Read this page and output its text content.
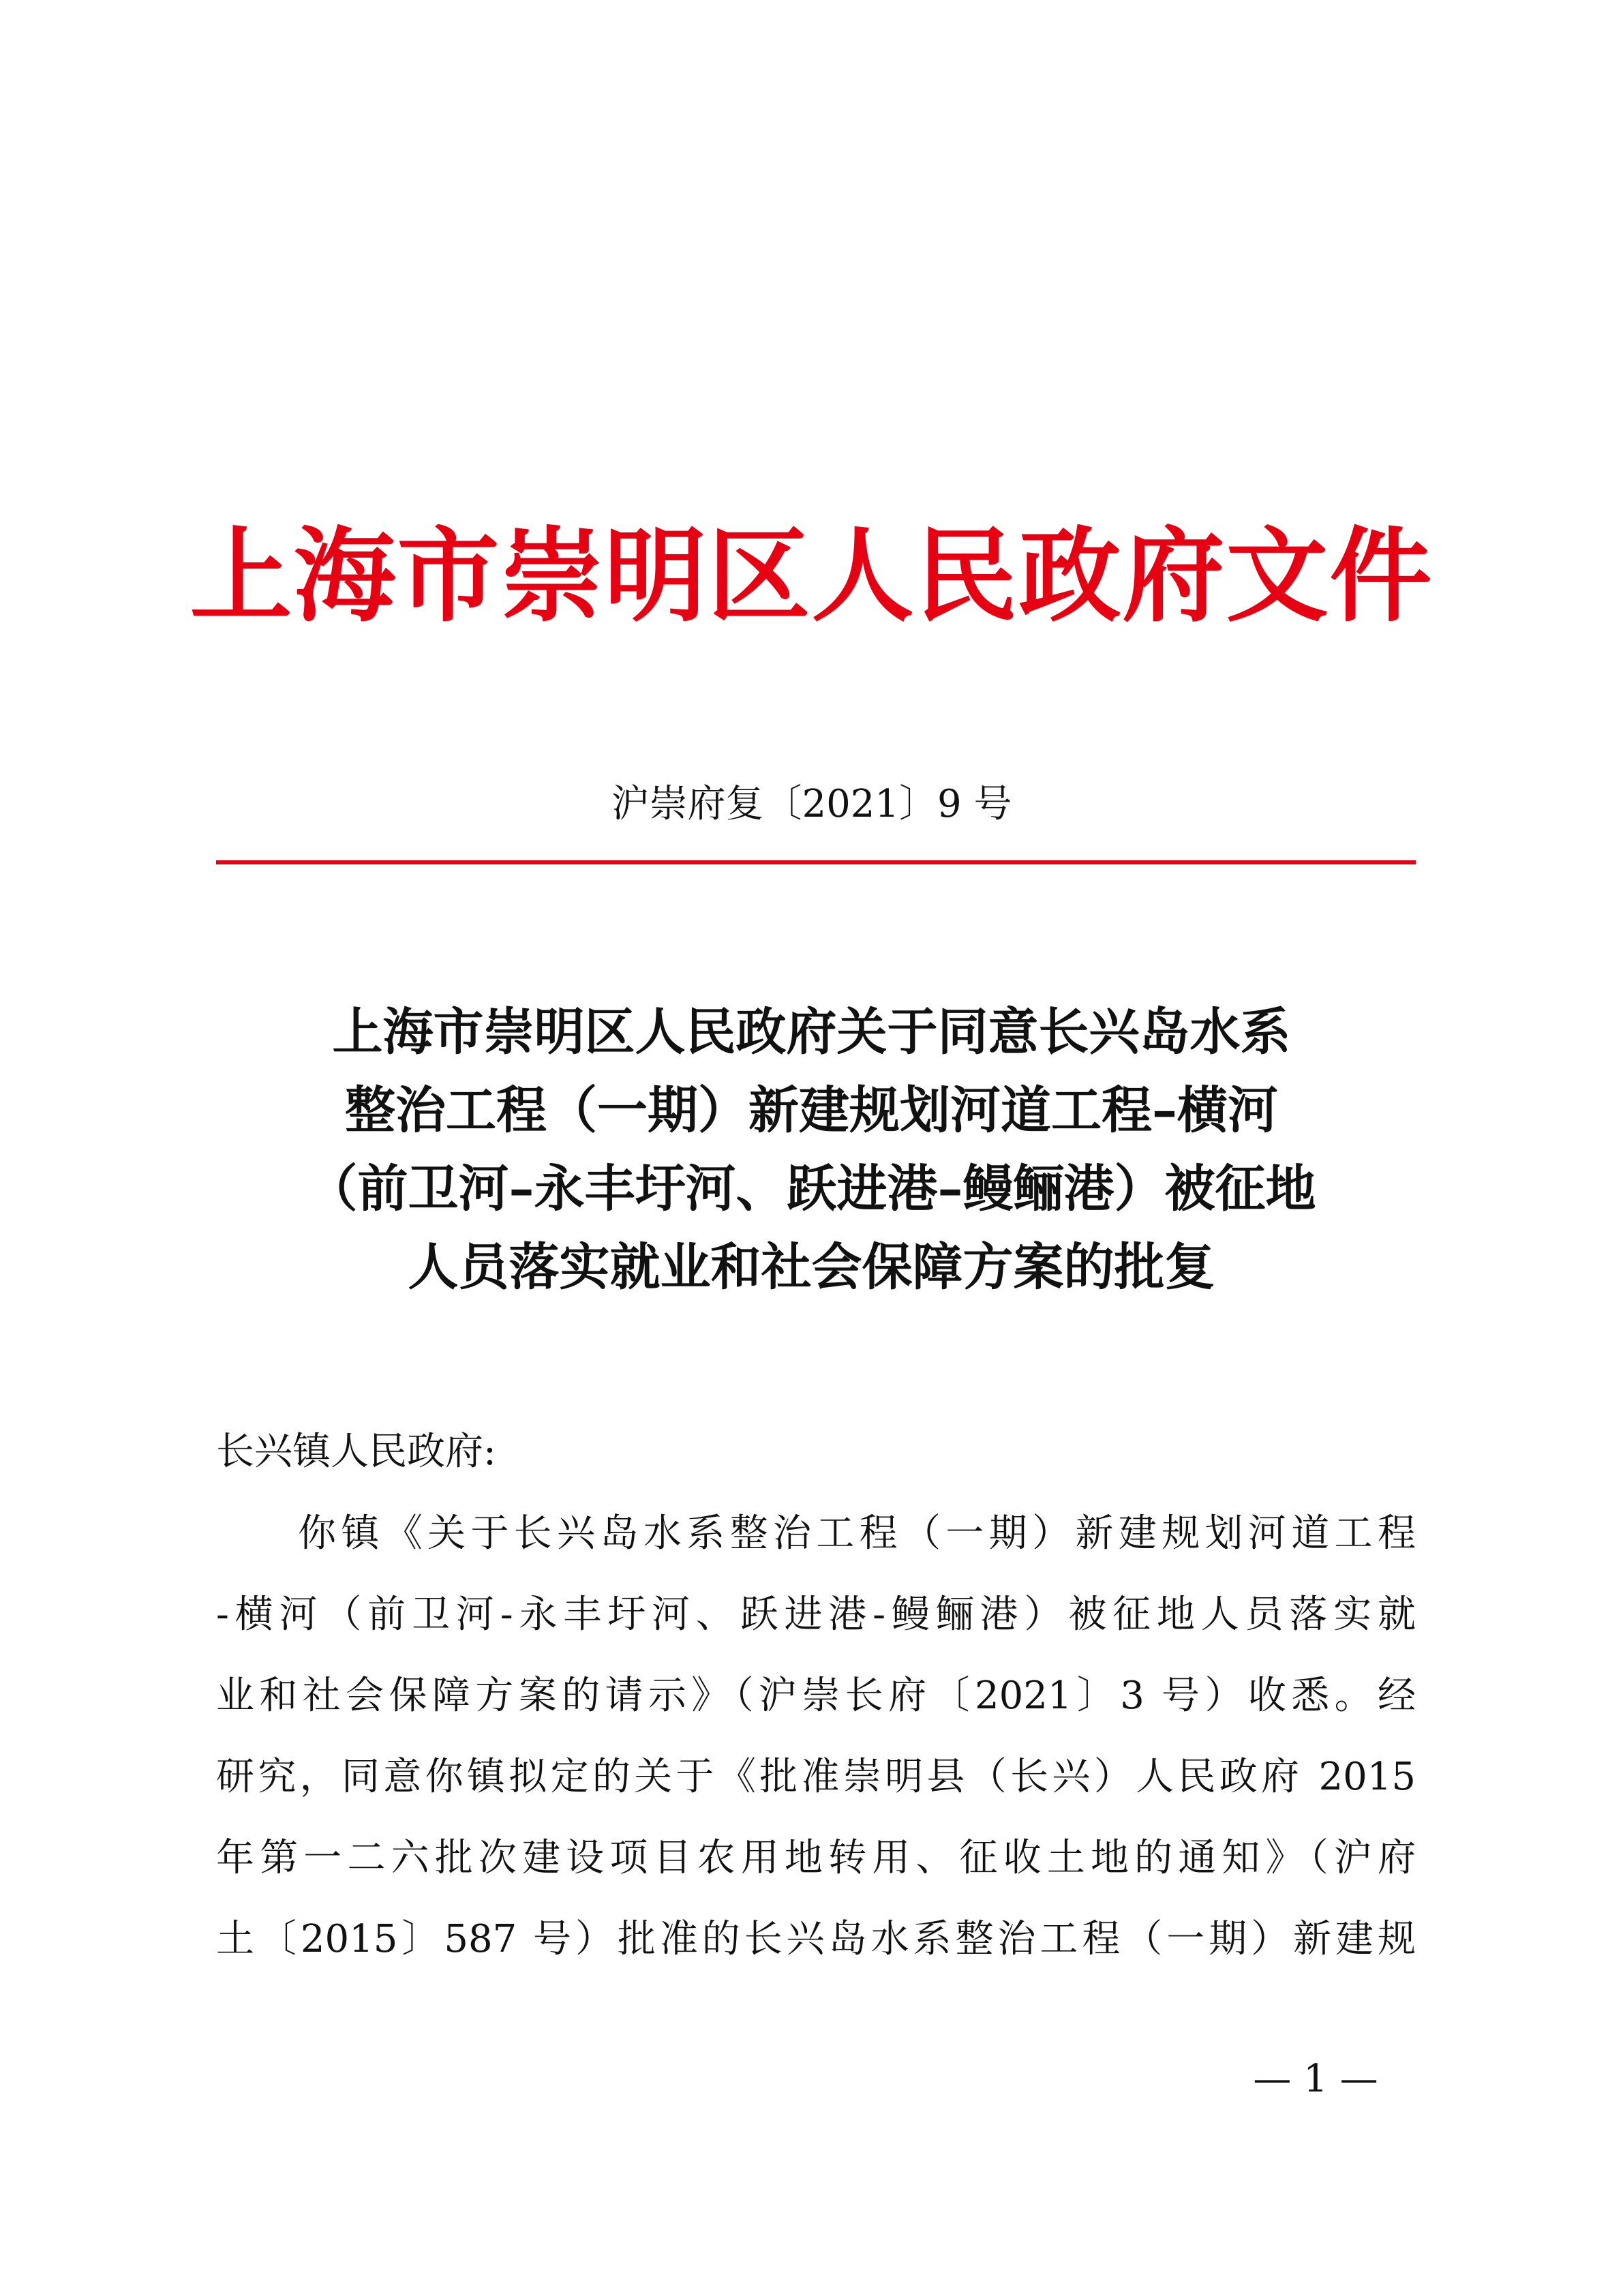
上海市崇明区人民政府文件
沪崇府复〔2021〕9 号
上海市崇明区人民政府关于同意长兴岛水系
整治工程（一期）新建规划河道工程–横河
（前卫河–永丰圩河、跃进港–鳗鲡港）被征地
人员落实就业和社会保障方案的批复
长兴镇人民政府:
你镇《关于长兴岛水系整治工程（一期）新建规划河道工程
-横河（前卫河-永丰圩河、跃进港-鳗鲡港）被征地人员落实就
业和社会保障方案的请示》（沪崇长府〔2021〕3 号）收悉。经
研究，同意你镇拟定的关于《批准崇明县（长兴）人民政府 2015
年第一二六批次建设项目农用地转用、征收土地的通知》（沪府
土〔2015〕587 号）批准的长兴岛水系整治工程（一期）新建规
— 1 —
